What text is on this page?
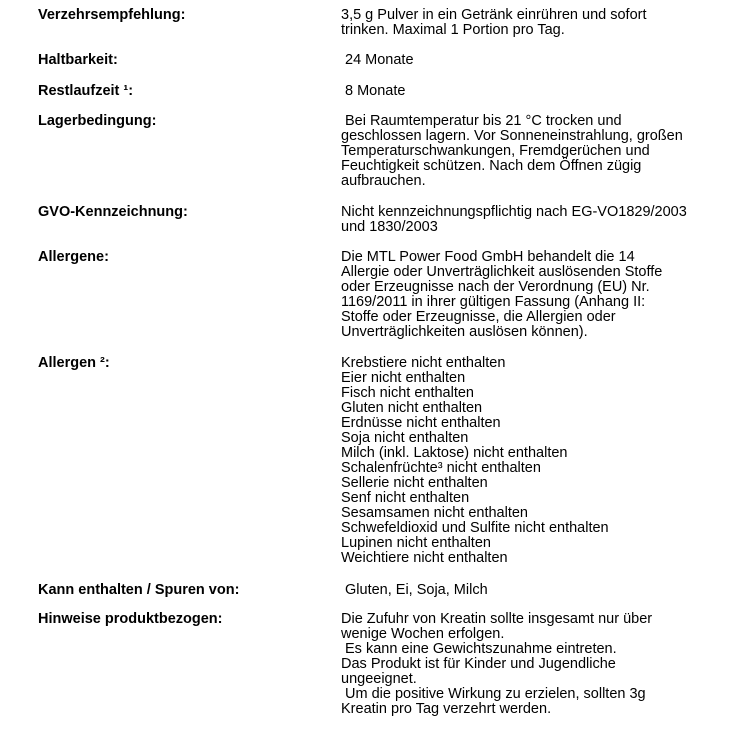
Verzehrsempfehlung:	3,5 g Pulver in ein Getränk einrühren und sofort
trinken. Maximal 1 Portion pro Tag.
Haltbarkeit:	24 Monate
Restlaufzeit ¹:	8 Monate
Lagerbedingung:	Bei Raumtemperatur bis 21 °C trocken und
geschlossen lagern. Vor Sonneneinstrahlung, großen
Temperaturschwankungen, Fremdgerüchen und
Feuchtigkeit schützen. Nach dem Öffnen zügig
aufbrauchen.
GVO-Kennzeichnung:	Nicht kennzeichnungspflichtig nach EG-VO1829/2003
und 1830/2003
Allergene:	Die MTL Power Food GmbH behandelt die 14
Allergie oder Unverträglichkeit auslösenden Stoffe
oder Erzeugnisse nach der Verordnung (EU) Nr.
1169/2011 in ihrer gültigen Fassung (Anhang II:
Stoffe oder Erzeugnisse, die Allergien oder
Unverträglichkeiten auslösen können).
Allergen ²:	Krebstiere nicht enthalten
Eier nicht enthalten
Fisch nicht enthalten
Gluten nicht enthalten
Erdnüsse nicht enthalten
Soja nicht enthalten
Milch (inkl. Laktose) nicht enthalten
Schalenfrüchte³ nicht enthalten
Sellerie nicht enthalten
Senf nicht enthalten
Sesamsamen nicht enthalten
Schwefeldioxid und Sulfite nicht enthalten
Lupinen nicht enthalten
Weichtiere nicht enthalten
Kann enthalten / Spuren von:	Gluten, Ei, Soja, Milch
Hinweise produktbezogen:	Die Zufuhr von Kreatin sollte insgesamt nur über
wenige Wochen erfolgen.
Es kann eine Gewichtszunahme eintreten.
Das Produkt ist für Kinder und Jugendliche
ungeeignet.
Um die positive Wirkung zu erzielen, sollten 3g
Kreatin pro Tag verzehrt werden.
